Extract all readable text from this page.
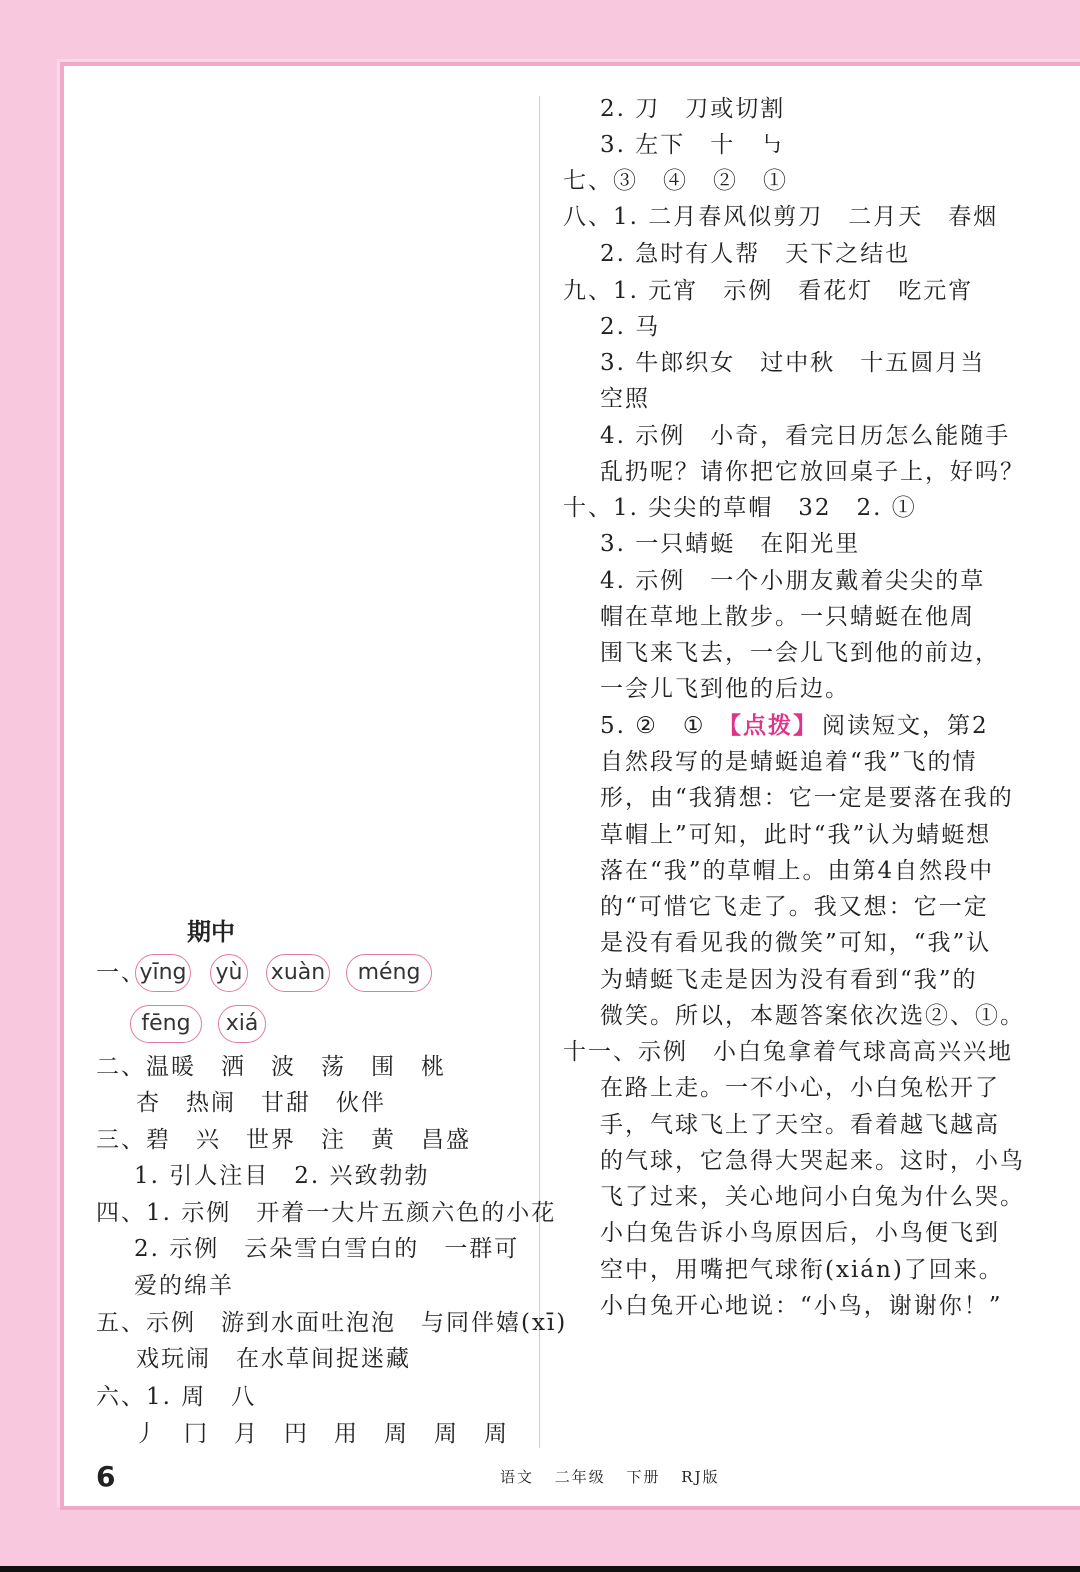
期中
一、
yīng yù xuàn	méng
fēng	xiá
二、温暖　洒　波　荡　围　桃
杏　热闹　甘甜　伙伴
三、碧　兴　世界　注　黄　昌盛
1. 引人注目　2. 兴致勃勃
四、1. 示例　开着一大片五颜六色的小花
2. 示例　云朵雪白雪白的　一群可
爱的绵羊
五、示例　游到水面吐泡泡　与同伴嬉(xī)
戏玩闹　在水草间捉迷藏
六、1. 周　八
丿　冂　月　円　用　周　周　周
2. 刀　刀或切割
3. 左下　十　㇉
七、③　④　②　①
八、1. 二月春风似剪刀　二月天　春烟
2. 急时有人帮　天下之结也
九、1. 元宵　示例　看花灯　吃元宵
2. 马
3. 牛郎织女　过中秋　十五圆月当
空照
4. 示例　小奇，看完日历怎么能随手
乱扔呢？请你把它放回桌子上，好吗？
十、1. 尖尖的草帽　32　2. ①
3. 一只蜻蜓　在阳光里
4. 示例　一个小朋友戴着尖尖的草
帽在草地上散步。一只蜻蜓在他周
围飞来飞去，一会儿飞到他的前边，
一会儿飞到他的后边。
5. ②　① 【点拨】 阅读短文，第2
自然段写的是蜻蜓追着“我”飞的情
形，由“我猜想：它一定是要落在我的
草帽上”可知，此时“我”认为蜻蜓想
落在“我”的草帽上。由第4自然段中
的“可惜它飞走了。我又想：它一定
是没有看见我的微笑”可知，“我”认
为蜻蜓飞走是因为没有看到“我”的
微笑。所以，本题答案依次选②、①。
十一、示例　小白兔拿着气球高高兴兴地
在路上走。一不小心，小白兔松开了
手，气球飞上了天空。看着越飞越高
的气球，它急得大哭起来。这时，小鸟
飞了过来，关心地问小白兔为什么哭。
小白兔告诉小鸟原因后，小鸟便飞到
空中，用嘴把气球衔(xián)了回来。
小白兔开心地说：“小鸟，谢谢你！”
6	语文 二年级 下册 RJ版
